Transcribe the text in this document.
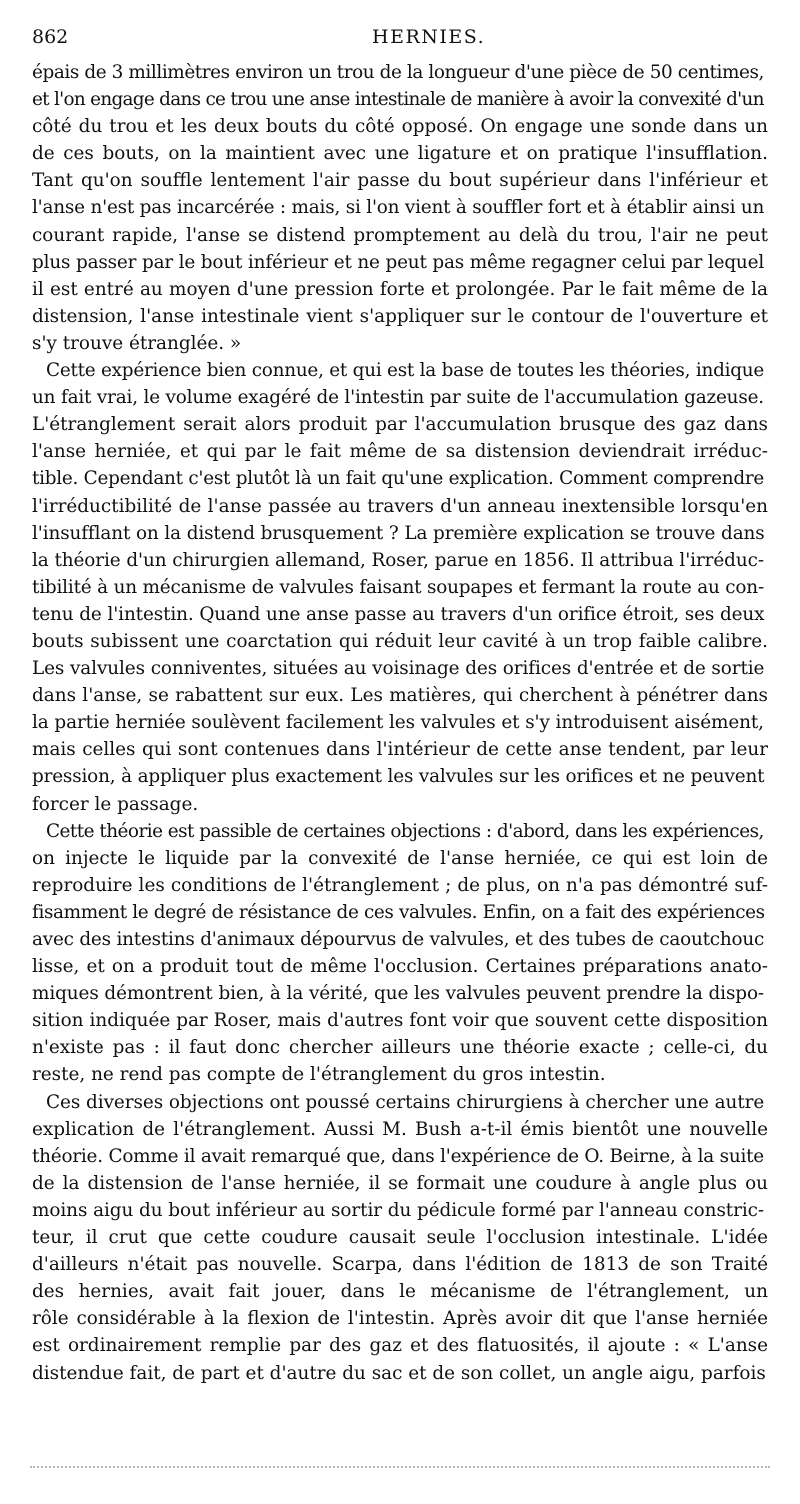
862	HERNIES.
épais de 3 millimètres environ un trou de la longueur d'une pièce de 50 centimes,
et l'on engage dans ce trou une anse intestinale de manière à avoir la convexité d'un
côté du trou et les deux bouts du côté opposé. On engage une sonde dans un
de ces bouts, on la maintient avec une ligature et on pratique l'insufflation.
Tant qu'on souffle lentement l'air passe du bout supérieur dans l'inférieur et
l'anse n'est pas incarcérée : mais, si l'on vient à souffler fort et à établir ainsi un
courant rapide, l'anse se distend promptement au delà du trou, l'air ne peut
plus passer par le bout inférieur et ne peut pas même regagner celui par lequel
il est entré au moyen d'une pression forte et prolongée. Par le fait même de la
distension, l'anse intestinale vient s'appliquer sur le contour de l'ouverture et
s'y trouve étranglée. »
Cette expérience bien connue, et qui est la base de toutes les théories, indique
un fait vrai, le volume exagéré de l'intestin par suite de l'accumulation gazeuse.
L'étranglement serait alors produit par l'accumulation brusque des gaz dans
l'anse herniée, et qui par le fait même de sa distension deviendrait irréduc-
tible. Cependant c'est plutôt là un fait qu'une explication. Comment comprendre
l'irréductibilité de l'anse passée au travers d'un anneau inextensible lorsqu'en
l'insufflant on la distend brusquement ? La première explication se trouve dans
la théorie d'un chirurgien allemand, Roser, parue en 1856. Il attribua l'irréduc-
tibilité à un mécanisme de valvules faisant soupapes et fermant la route au con-
tenu de l'intestin. Quand une anse passe au travers d'un orifice étroit, ses deux
bouts subissent une coarctation qui réduit leur cavité à un trop faible calibre.
Les valvules conniventes, situées au voisinage des orifices d'entrée et de sortie
dans l'anse, se rabattent sur eux. Les matières, qui cherchent à pénétrer dans
la partie herniée soulèvent facilement les valvules et s'y introduisent aisément,
mais celles qui sont contenues dans l'intérieur de cette anse tendent, par leur
pression, à appliquer plus exactement les valvules sur les orifices et ne peuvent
forcer le passage.
Cette théorie est passible de certaines objections : d'abord, dans les expériences,
on injecte le liquide par la convexité de l'anse herniée, ce qui est loin de
reproduire les conditions de l'étranglement ; de plus, on n'a pas démontré suf-
fisamment le degré de résistance de ces valvules. Enfin, on a fait des expériences
avec des intestins d'animaux dépourvus de valvules, et des tubes de caoutchouc
lisse, et on a produit tout de même l'occlusion. Certaines préparations anato-
miques démontrent bien, à la vérité, que les valvules peuvent prendre la dispo-
sition indiquée par Roser, mais d'autres font voir que souvent cette disposition
n'existe pas : il faut donc chercher ailleurs une théorie exacte ; celle-ci, du
reste, ne rend pas compte de l'étranglement du gros intestin.
Ces diverses objections ont poussé certains chirurgiens à chercher une autre
explication de l'étranglement. Aussi M. Bush a-t-il émis bientôt une nouvelle
théorie. Comme il avait remarqué que, dans l'expérience de O. Beirne, à la suite
de la distension de l'anse herniée, il se formait une coudure à angle plus ou
moins aigu du bout inférieur au sortir du pédicule formé par l'anneau constric-
teur, il crut que cette coudure causait seule l'occlusion intestinale. L'idée
d'ailleurs n'était pas nouvelle. Scarpa, dans l'édition de 1813 de son Traité
des hernies, avait fait jouer, dans le mécanisme de l'étranglement, un
rôle considérable à la flexion de l'intestin. Après avoir dit que l'anse herniée
est ordinairement remplie par des gaz et des flatuosités, il ajoute : « L'anse
distendue fait, de part et d'autre du sac et de son collet, un angle aigu, parfois
